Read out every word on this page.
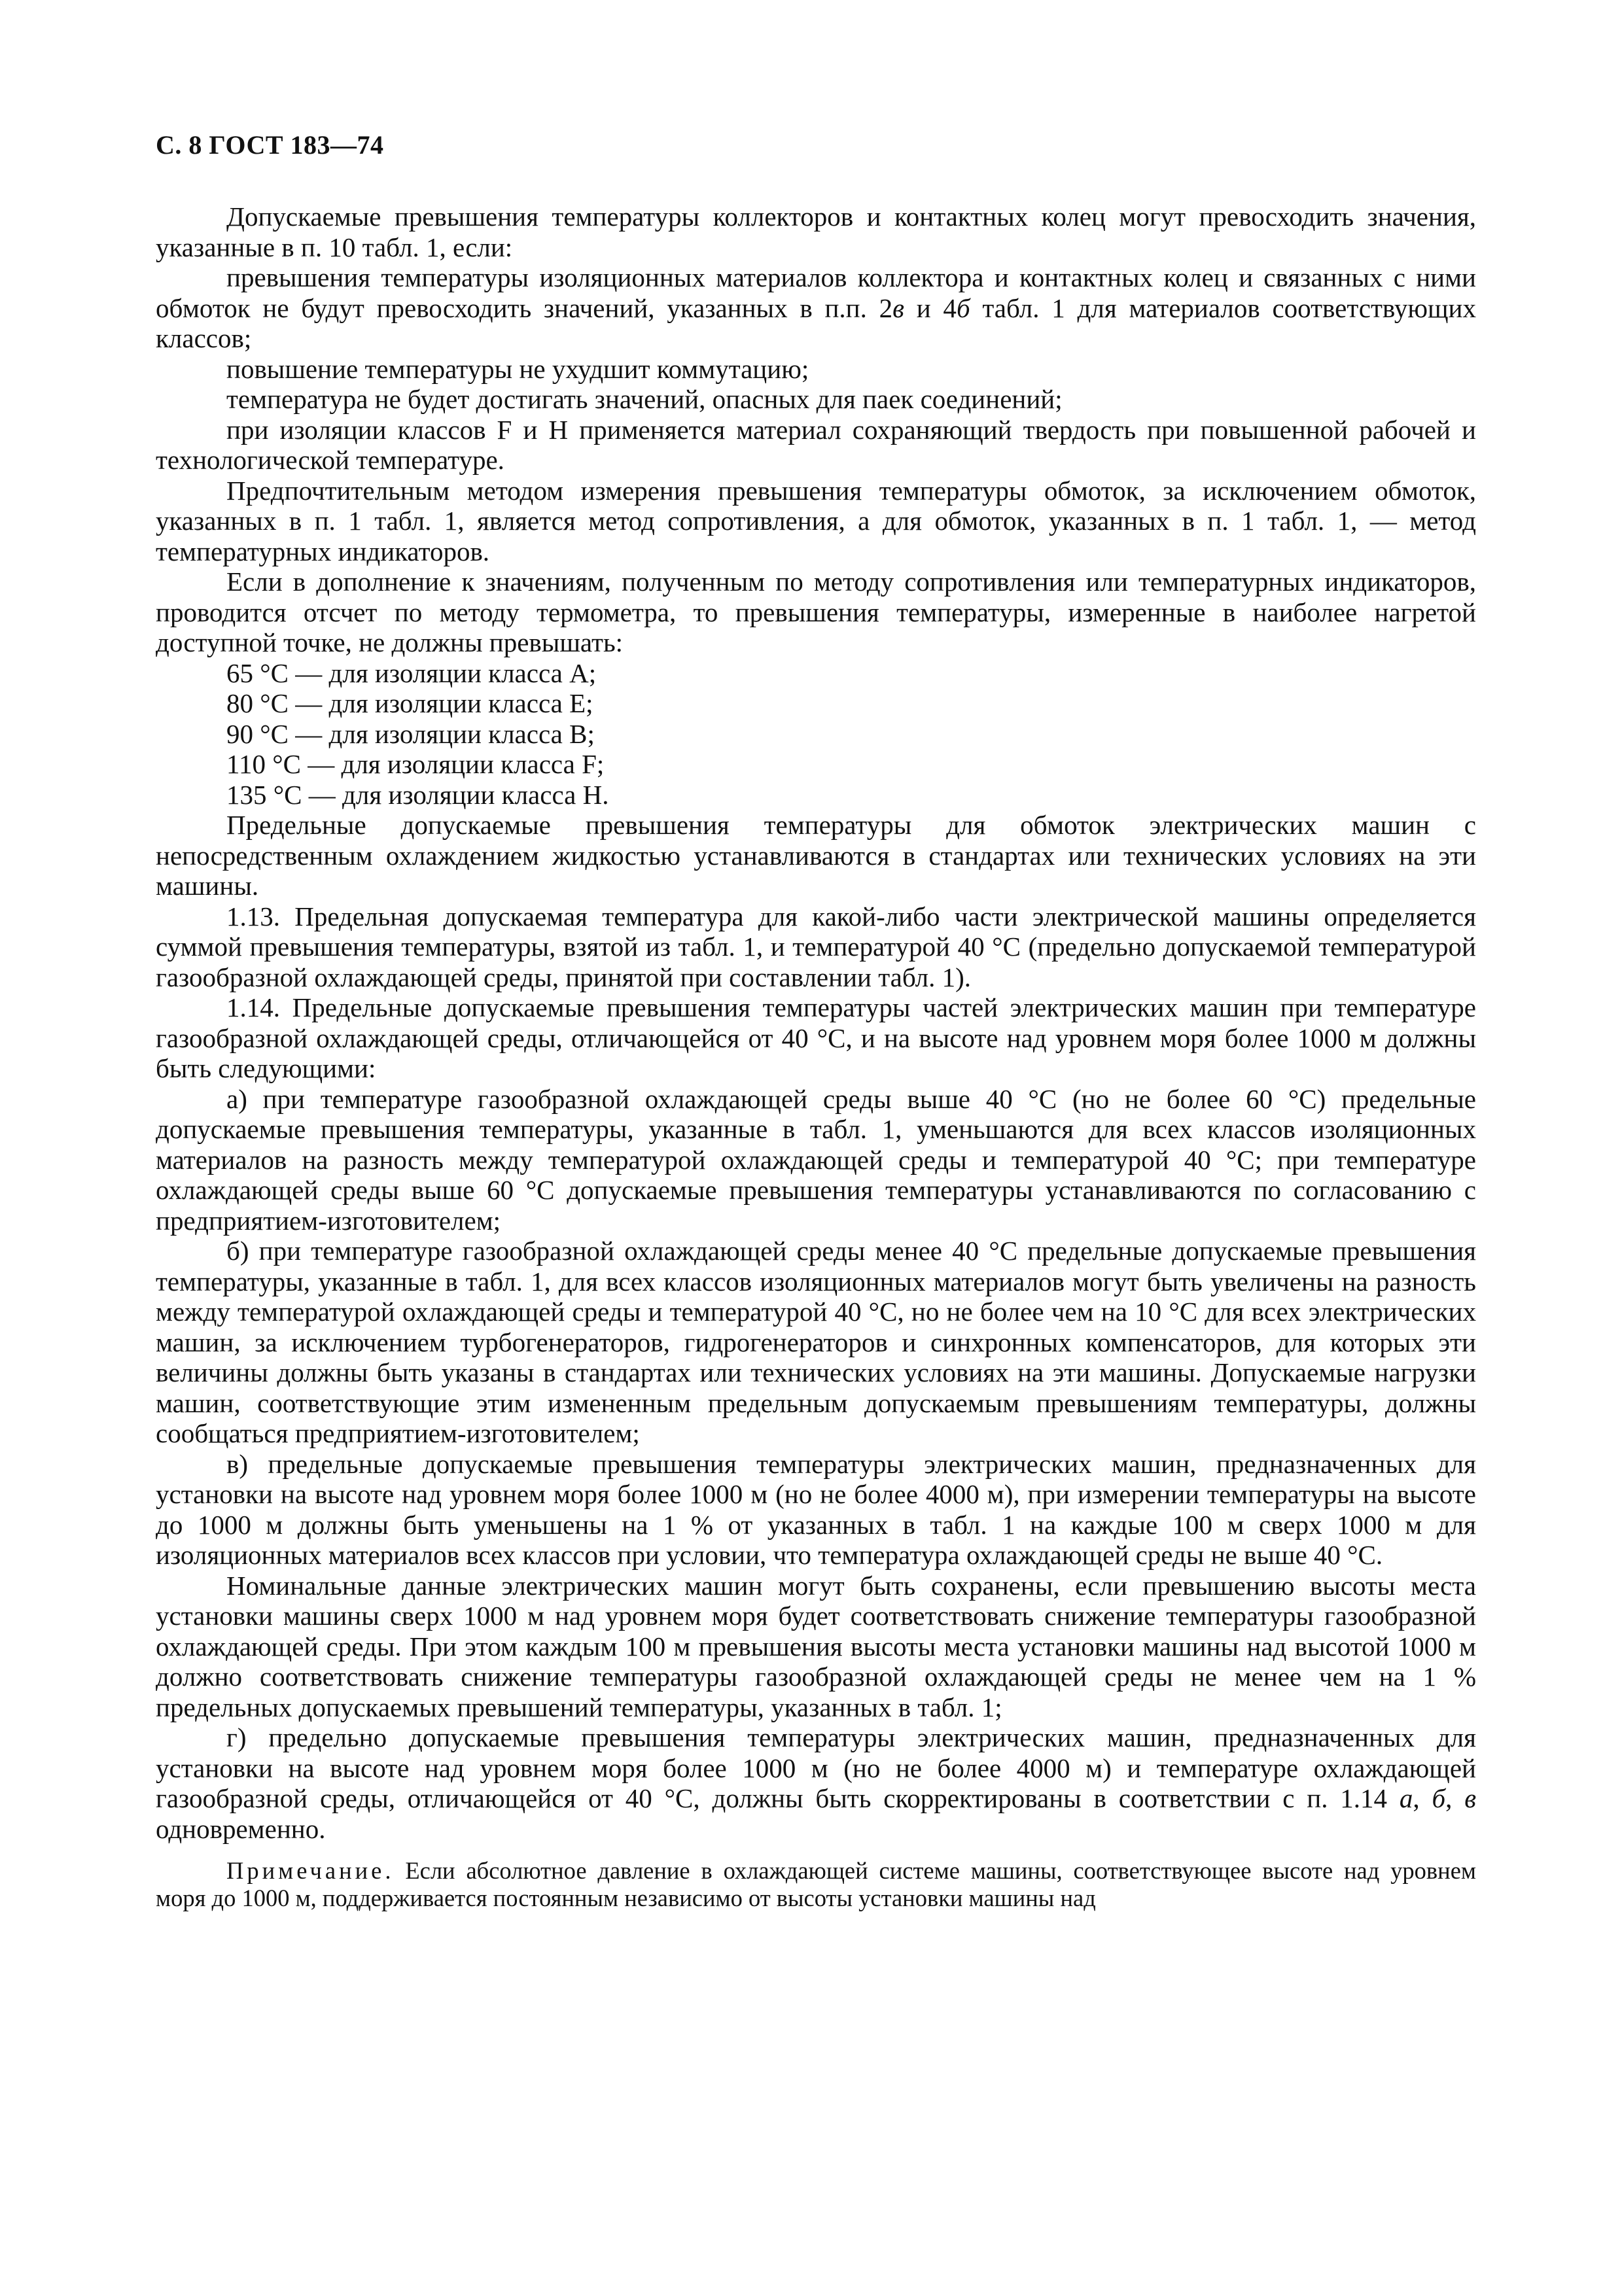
С. 8 ГОСТ 183—74

Допускаемые превышения температуры коллекторов и контактных колец могут превосходить значения, указанные в п. 10 табл. 1, если:

превышения температуры изоляционных материалов коллектора и контактных колец и связанных с ними обмоток не будут превосходить значений, указанных в п.п. 2в и 4б табл. 1 для материалов соответствующих классов;

повышение температуры не ухудшит коммутацию;

температура не будет достигать значений, опасных для паек соединений;

при изоляции классов F и H применяется материал сохраняющий твердость при повышенной рабочей и технологической температуре.

Предпочтительным методом измерения превышения температуры обмоток, за исключением обмоток, указанных в п. 1 табл. 1, является метод сопротивления, а для обмоток, указанных в п. 1 табл. 1, — метод температурных индикаторов.

Если в дополнение к значениям, полученным по методу сопротивления или температурных индикаторов, проводится отсчет по методу термометра, то превышения температуры, измеренные в наиболее нагретой доступной точке, не должны превышать:

65 °С — для изоляции класса А;

80 °С — для изоляции класса Е;

90 °С — для изоляции класса В;

110 °С — для изоляции класса F;

135 °С — для изоляции класса Н.

Предельные допускаемые превышения температуры для обмоток электрических машин с непосредственным охлаждением жидкостью устанавливаются в стандартах или технических условиях на эти машины.

1.13. Предельная допускаемая температура для какой-либо части электрической машины определяется суммой превышения температуры, взятой из табл. 1, и температурой 40 °С (предельно допускаемой температурой газообразной охлаждающей среды, принятой при составлении табл. 1).

1.14. Предельные допускаемые превышения температуры частей электрических машин при температуре газообразной охлаждающей среды, отличающейся от 40 °С, и на высоте над уровнем моря более 1000 м должны быть следующими:

а) при температуре газообразной охлаждающей среды выше 40 °С (но не более 60 °С) предельные допускаемые превышения температуры, указанные в табл. 1, уменьшаются для всех классов изоляционных материалов на разность между температурой охлаждающей среды и температурой 40 °С; при температуре охлаждающей среды выше 60 °С допускаемые превышения температуры устанавливаются по согласованию с предприятием-изготовителем;

б) при температуре газообразной охлаждающей среды менее 40 °С предельные допускаемые превышения температуры, указанные в табл. 1, для всех классов изоляционных материалов могут быть увеличены на разность между температурой охлаждающей среды и температурой 40 °С, но не более чем на 10 °С для всех электрических машин, за исключением турбогенераторов, гидрогенераторов и синхронных компенсаторов, для которых эти величины должны быть указаны в стандартах или технических условиях на эти машины. Допускаемые нагрузки машин, соответствующие этим измененным предельным допускаемым превышениям температуры, должны сообщаться предприятием-изготовителем;

в) предельные допускаемые превышения температуры электрических машин, предназначенных для установки на высоте над уровнем моря более 1000 м (но не более 4000 м), при измерении температуры на высоте до 1000 м должны быть уменьшены на 1 % от указанных в табл. 1 на каждые 100 м сверх 1000 м для изоляционных материалов всех классов при условии, что температура охлаждающей среды не выше 40 °С.

Номинальные данные электрических машин могут быть сохранены, если превышению высоты места установки машины сверх 1000 м над уровнем моря будет соответствовать снижение температуры газообразной охлаждающей среды. При этом каждым 100 м превышения высоты места установки машины над высотой 1000 м должно соответствовать снижение температуры газообразной охлаждающей среды не менее чем на 1 % предельных допускаемых превышений температуры, указанных в табл. 1;

г) предельно допускаемые превышения температуры электрических машин, предназначенных для установки на высоте над уровнем моря более 1000 м (но не более 4000 м) и температуре охлаждающей газообразной среды, отличающейся от 40 °С, должны быть скорректированы в соответствии с п. 1.14 а, б, в одновременно.

Примечание. Если абсолютное давление в охлаждающей системе машины, соответствующее высоте над уровнем моря до 1000 м, поддерживается постоянным независимо от высоты установки машины над
